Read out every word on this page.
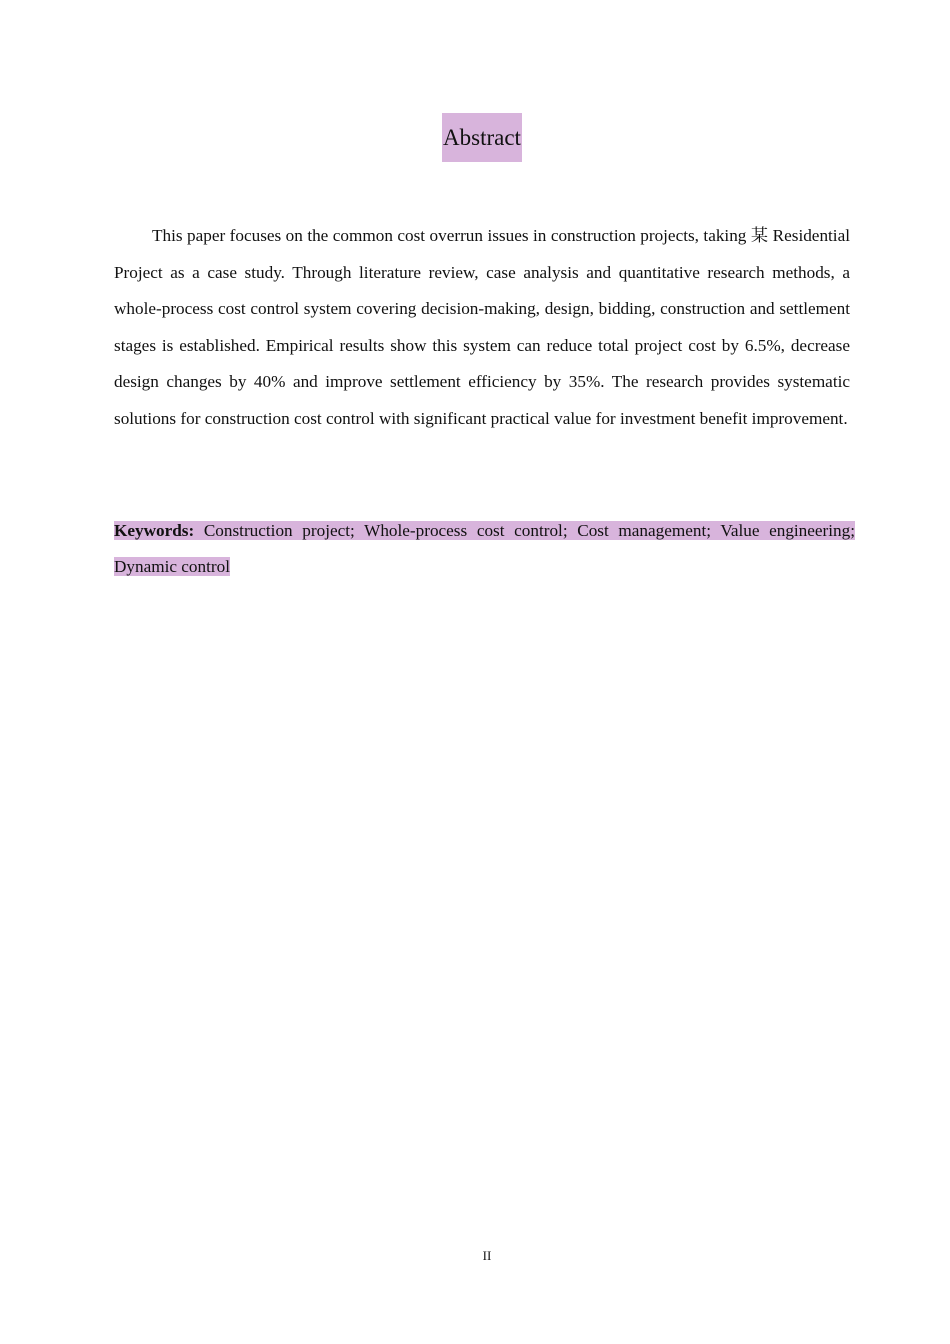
Abstract

This paper focuses on the common cost overrun issues in construction projects, taking 某 Residential Project as a case study. Through literature review, case analysis and quantitative research methods, a whole-process cost control system covering decision-making, design, bidding, construction and settlement stages is established. Empirical results show this system can reduce total project cost by 6.5%, decrease design changes by 40% and improve settlement efficiency by 35%. The research provides systematic solutions for construction cost control with significant practical value for investment benefit improvement.

Keywords: Construction project; Whole-process cost control; Cost management; Value engineering; Dynamic control

II
